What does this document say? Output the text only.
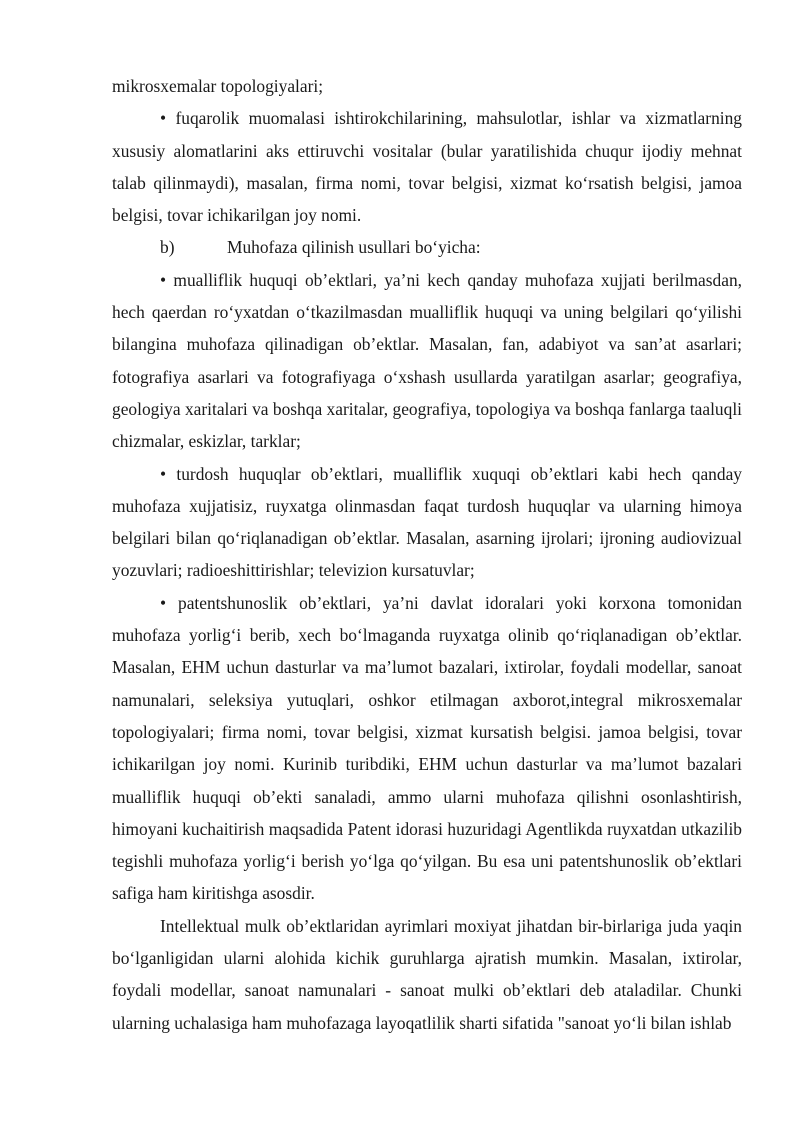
mikrosxemalar topologiyalari;

• fuqarolik muomalasi ishtirokchilarining, mahsulotlar, ishlar va xizmatlarning xususiy alomatlarini aks ettiruvchi vositalar (bular yaratilishida chuqur ijodiy mehnat talab qilinmaydi), masalan, firma nomi, tovar belgisi, xizmat ko‘rsatish belgisi, jamoa belgisi, tovar ichikarilgan joy nomi.

b)	Muhofaza qilinish usullari bo‘yicha:

• mualliflik huquqi ob’ektlari, ya’ni kech qanday muhofaza xujjati berilmasdan, hech qaerdan ro‘yxatdan o‘tkazilmasdan mualliflik huquqi va uning belgilari qo‘yilishi bilangina muhofaza qilinadigan ob’ektlar. Masalan, fan, adabiyot va san’at asarlari; fotografiya asarlari va fotografiyaga o‘xshash usullarda yaratilgan asarlar; geografiya, geologiya xaritalari va boshqa xaritalar, geografiya, topologiya va boshqa fanlarga taaluqli chizmalar, eskizlar, tarklar;

• turdosh huquqlar ob’ektlari, mualliflik xuquqi ob’ektlari kabi hech qanday muhofaza xujjatisiz, ruyxatga olinmasdan faqat turdosh huquqlar va ularning himoya belgilari bilan qo‘riqlanadigan ob’ektlar. Masalan, asarning ijrolari; ijroning audiovizual yozuvlari; radioeshittirishlar; televizion kursatuvlar;

• patentshunoslik ob’ektlari, ya’ni davlat idoralari yoki korxona tomonidan muhofaza yorlig‘i berib, xech bo‘lmaganda ruyxatga olinib qo‘riqlanadigan ob’ektlar. Masalan, EHM uchun dasturlar va ma’lumot bazalari, ixtirolar, foydali modellar, sanoat namunalari, seleksiya yutuqlari, oshkor etilmagan axborot,integral mikrosxemalar topologiyalari; firma nomi, tovar belgisi, xizmat kursatish belgisi. jamoa belgisi, tovar ichikarilgan joy nomi. Kurinib turibdiki, EHM uchun dasturlar va ma’lumot bazalari mualliflik huquqi ob’ekti sanaladi, ammo ularni muhofaza qilishni osonlashtirish, himoyani kuchaitirish maqsadida Patent idorasi huzuridagi Agentlikda ruyxatdan utkazilib tegishli muhofaza yorlig‘i berish yo‘lga qo‘yilgan. Bu esa uni patentshunoslik ob’ektlari safiga ham kiritishga asosdir.

Intellektual mulk ob’ektlaridan ayrimlari moxiyat jihatdan bir-birlariga juda yaqin bo‘lganligidan ularni alohida kichik guruhlarga ajratish mumkin. Masalan, ixtirolar, foydali modellar, sanoat namunalari - sanoat mulki ob’ektlari deb ataladilar. Chunki ularning uchalasiga ham muhofazaga layoqatlilik sharti sifatida "sanoat yo‘li bilan ishlab
